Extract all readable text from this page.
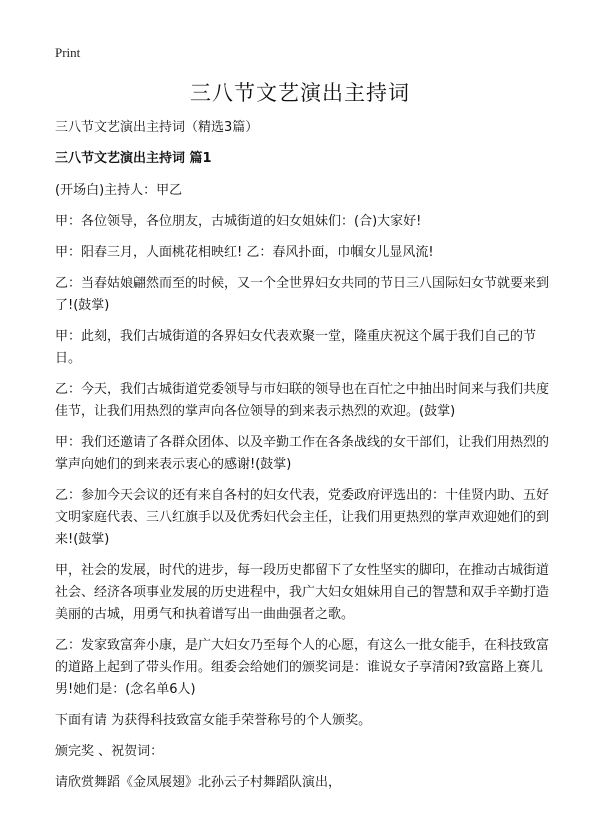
Print
三八节文艺演出主持词

三八节文艺演出主持词（精选3篇）

三八节文艺演出主持词 篇1

(开场白)主持人：甲乙

甲：各位领导，各位朋友，古城街道的妇女姐妹们：(合)大家好!

甲：阳春三月，人面桃花相映红! 乙：春风扑面，巾帼女儿显风流!

乙：当春姑娘翩然而至的时候，又一个全世界妇女共同的节日三八国际妇女节就要来到了!(鼓掌)

甲：此刻，我们古城街道的各界妇女代表欢聚一堂，隆重庆祝这个属于我们自己的节日。

乙：今天，我们古城街道党委领导与市妇联的领导也在百忙之中抽出时间来与我们共度佳节，让我们用热烈的掌声向各位领导的到来表示热烈的欢迎。(鼓掌)

甲：我们还邀请了各群众团体、以及辛勤工作在各条战线的女干部们，让我们用热烈的掌声向她们的到来表示衷心的感谢!(鼓掌)

乙：参加今天会议的还有来自各村的妇女代表，党委政府评选出的：十佳贤内助、五好文明家庭代表、三八红旗手以及优秀妇代会主任，让我们用更热烈的掌声欢迎她们的到来!(鼓掌)

甲，社会的发展，时代的进步，每一段历史都留下了女性坚实的脚印，在推动古城街道社会、经济各项事业发展的历史进程中，我广大妇女姐妹用自己的智慧和双手辛勤打造美丽的古城，用勇气和执着谱写出一曲曲强者之歌。

乙：发家致富奔小康，是广大妇女乃至每个人的心愿，有这么一批女能手，在科技致富的道路上起到了带头作用。组委会给她们的颁奖词是：谁说女子享清闲?致富路上赛儿男!她们是：(念名单6人)

下面有请 为获得科技致富女能手荣誉称号的个人颁奖。

颁完奖 、祝贺词：

请欣赏舞蹈《金凤展翅》北孙云子村舞蹈队演出，
